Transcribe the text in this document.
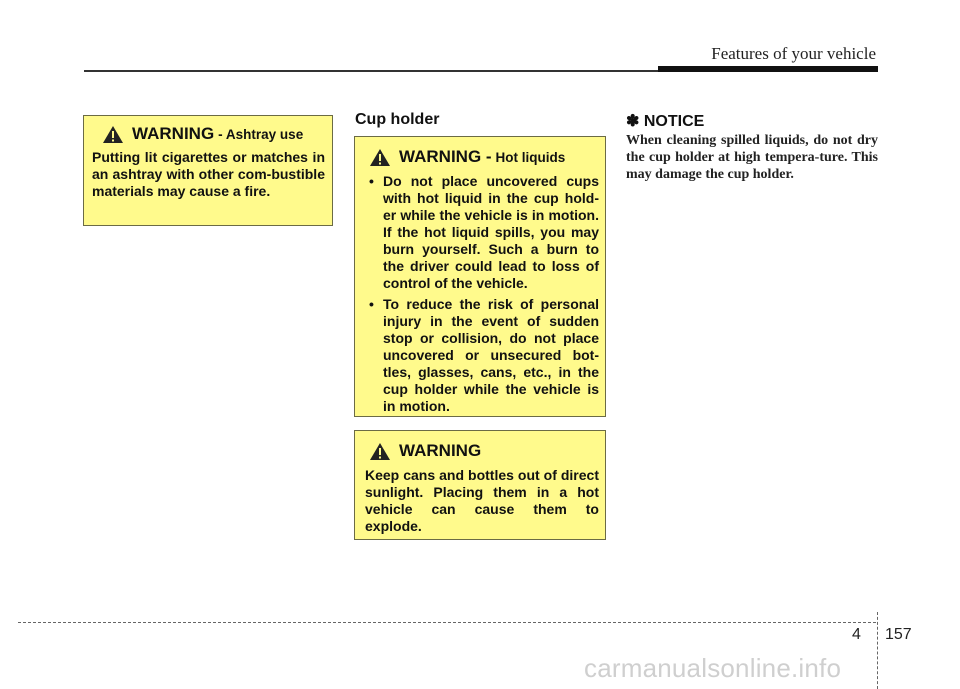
Features of your vehicle
WARNING - Ashtray use
Putting lit cigarettes or matches in an ashtray with other com-bustible materials may cause a fire.
Cup holder
WARNING - Hot liquids
• Do not place uncovered cups with hot liquid in the cup hold-er while the vehicle is in motion. If the hot liquid spills, you may burn yourself. Such a burn to the driver could lead to loss of control of the vehicle.
• To reduce the risk of personal injury in the event of sudden stop or collision, do not place uncovered or unsecured bot-tles, glasses, cans, etc., in the cup holder while the vehicle is in motion.
WARNING
Keep cans and bottles out of direct sunlight. Placing them in a hot vehicle can cause them to explode.
✽ NOTICE
When cleaning spilled liquids, do not dry the cup holder at high tempera-ture. This may damage the cup holder.
4 157
carmanualsonline.info
